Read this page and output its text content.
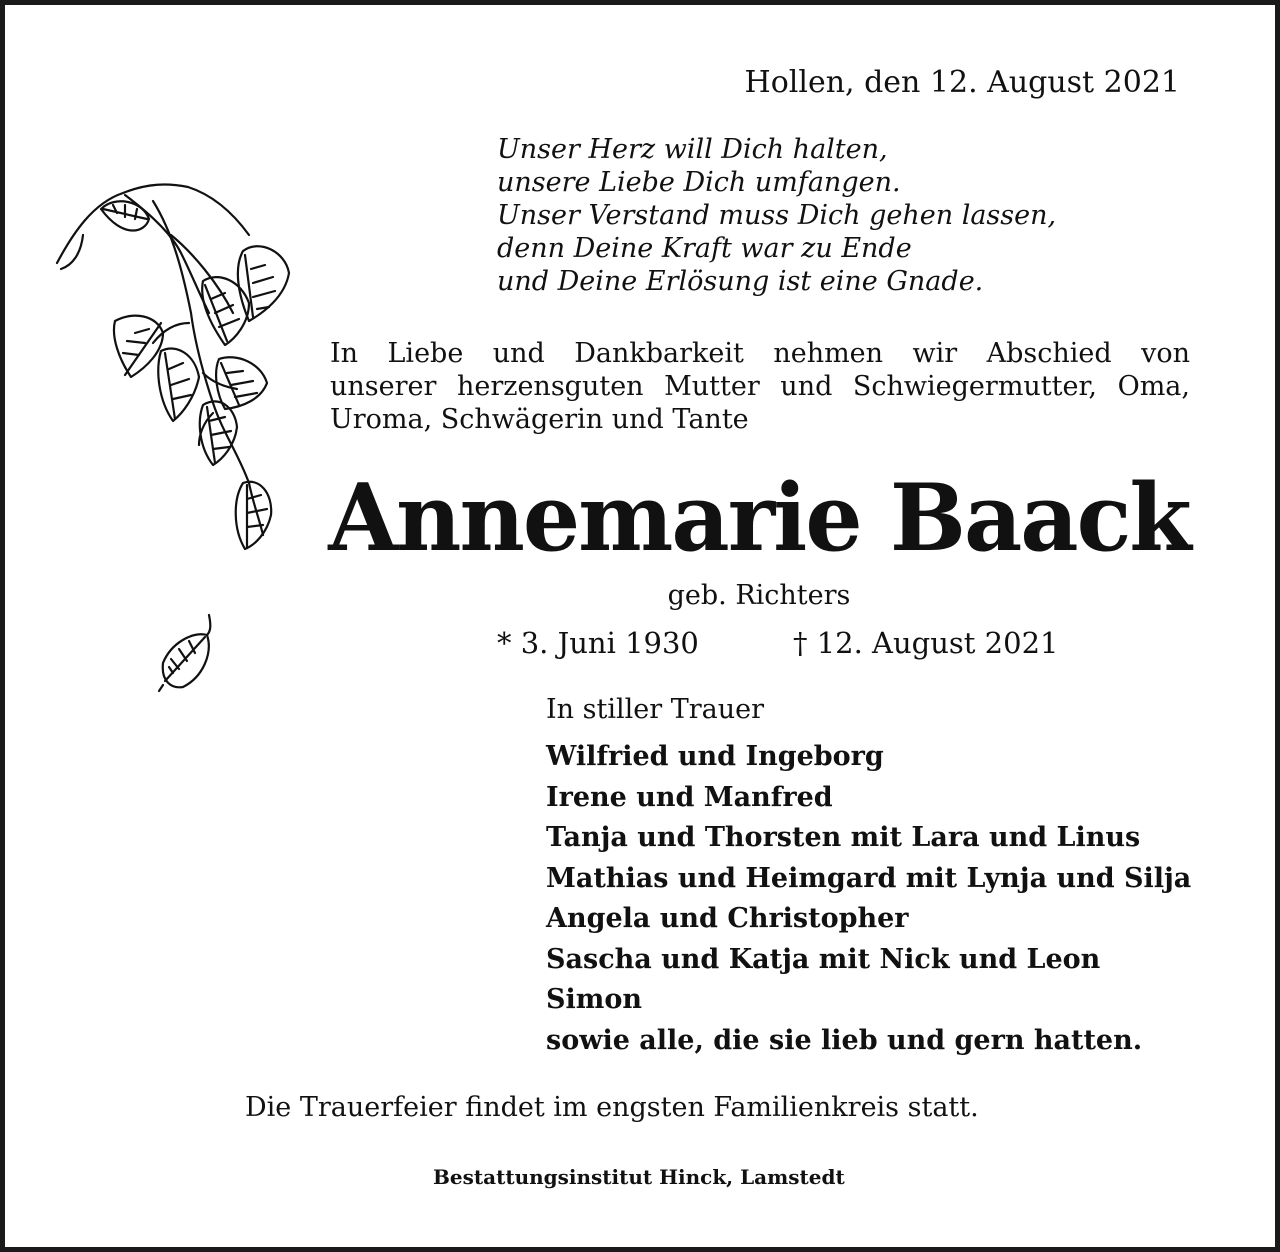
Hollen, den 12. August 2021

Unser Herz will Dich halten,
unsere Liebe Dich umfangen.
Unser Verstand muss Dich gehen lassen,
denn Deine Kraft war zu Ende
und Deine Erlösung ist eine Gnade.
In Liebe und Dankbarkeit nehmen wir Abschied von
unserer herzensguten Mutter und Schwiegermutter, Oma,
Uroma, Schwägerin und Tante
Annemarie Baack

geb. Richters

* 3. Juni 1930	† 12. August 2021

In stiller Trauer

Wilfried und Ingeborg
Irene und Manfred
Tanja und Thorsten mit Lara und Linus
Mathias und Heimgard mit Lynja und Silja
Angela und Christopher
Sascha und Katja mit Nick und Leon
Simon
sowie alle, die sie lieb und gern hatten.

Die Trauerfeier findet im engsten Familienkreis statt.

Bestattungsinstitut Hinck, Lamstedt
